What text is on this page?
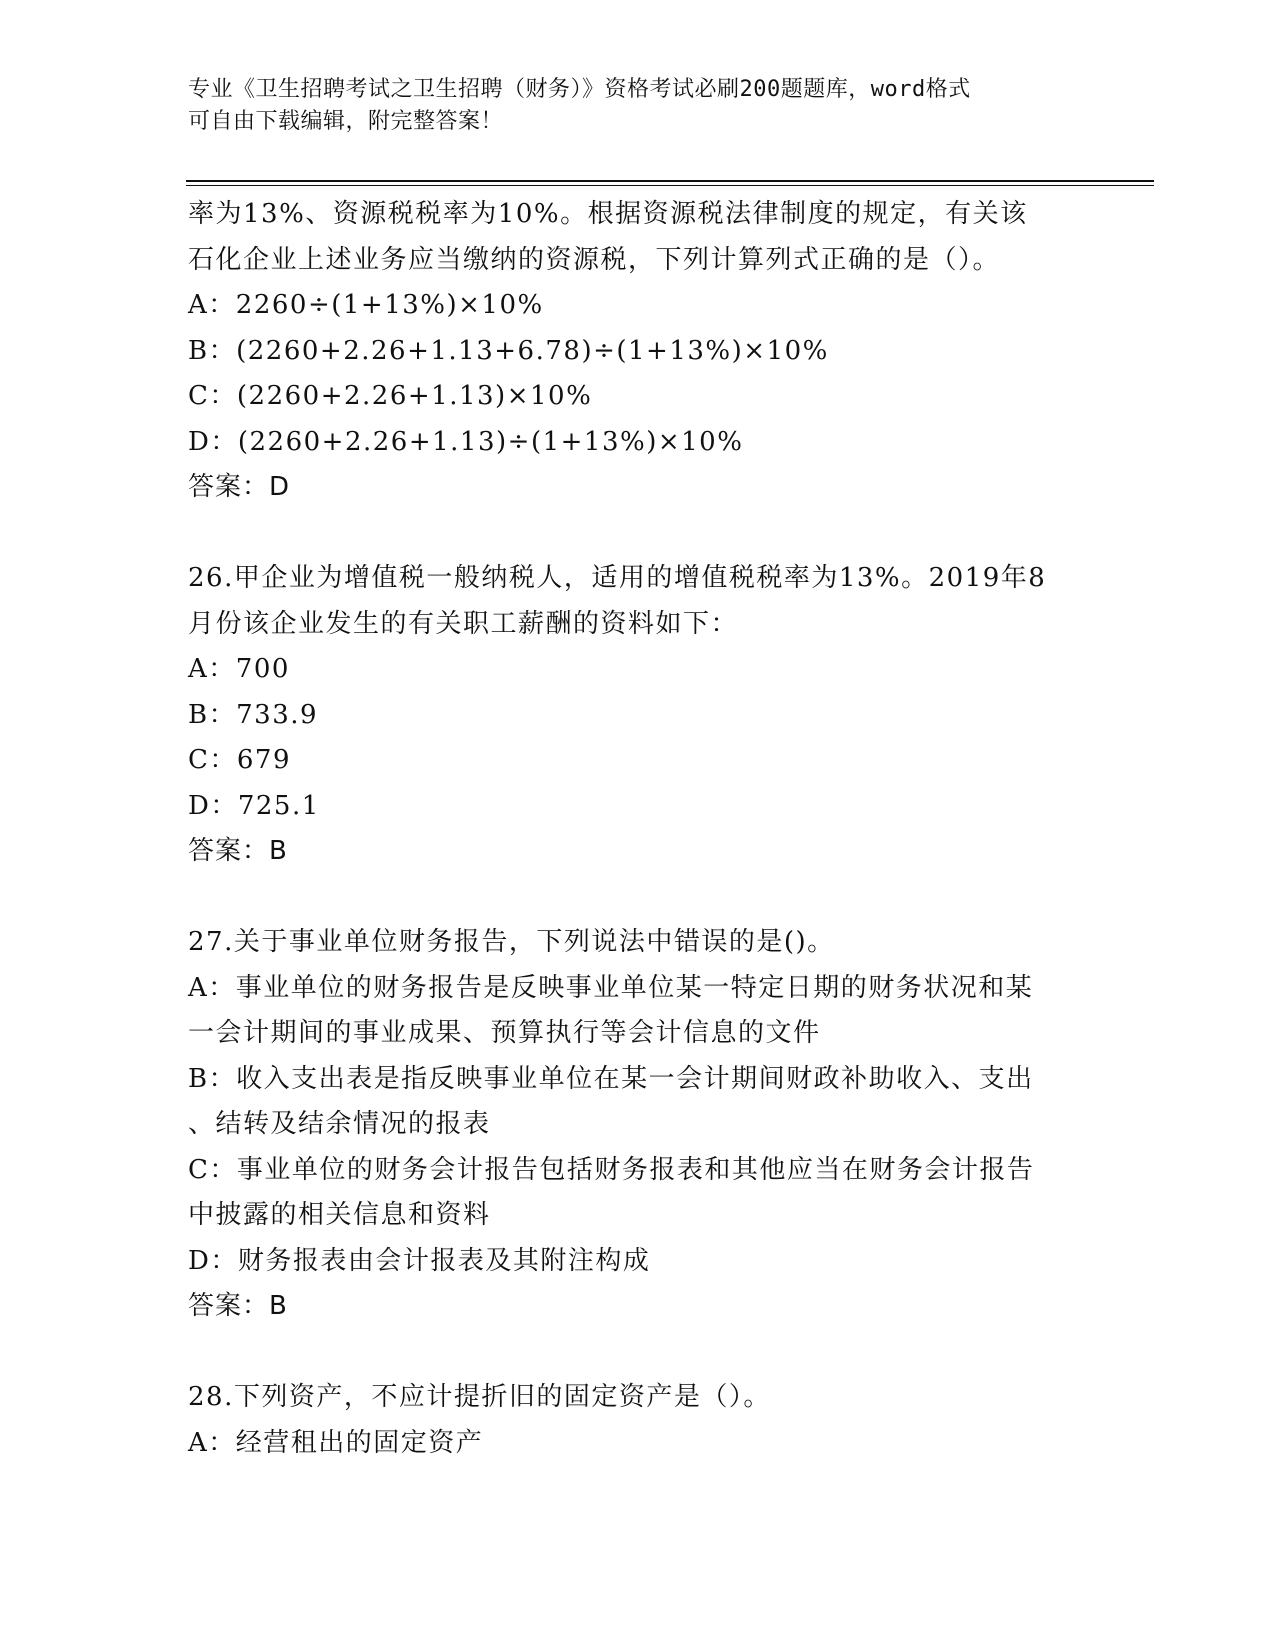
专业《卫生招聘考试之卫生招聘（财务）》资格考试必刷200题题库，word格式
可自由下载编辑，附完整答案！
率为13%、资源税税率为10%。根据资源税法律制度的规定，有关该
石化企业上述业务应当缴纳的资源税，下列计算列式正确的是（）。
A：2260÷(1+13%)×10%
B：(2260+2.26+1.13+6.78)÷(1+13%)×10%
C：(2260+2.26+1.13)×10%
D：(2260+2.26+1.13)÷(1+13%)×10%
答案：D
26.甲企业为增值税一般纳税人，适用的增值税税率为13%。2019年8
月份该企业发生的有关职工薪酬的资料如下：
A：700
B：733.9
C：679
D：725.1
答案：B
27.关于事业单位财务报告，下列说法中错误的是()。
A：事业单位的财务报告是反映事业单位某一特定日期的财务状况和某
一会计期间的事业成果、预算执行等会计信息的文件
B：收入支出表是指反映事业单位在某一会计期间财政补助收入、支出
、结转及结余情况的报表
C：事业单位的财务会计报告包括财务报表和其他应当在财务会计报告
中披露的相关信息和资料
D：财务报表由会计报表及其附注构成
答案：B
28.下列资产，不应计提折旧的固定资产是（）。
A：经营租出的固定资产
